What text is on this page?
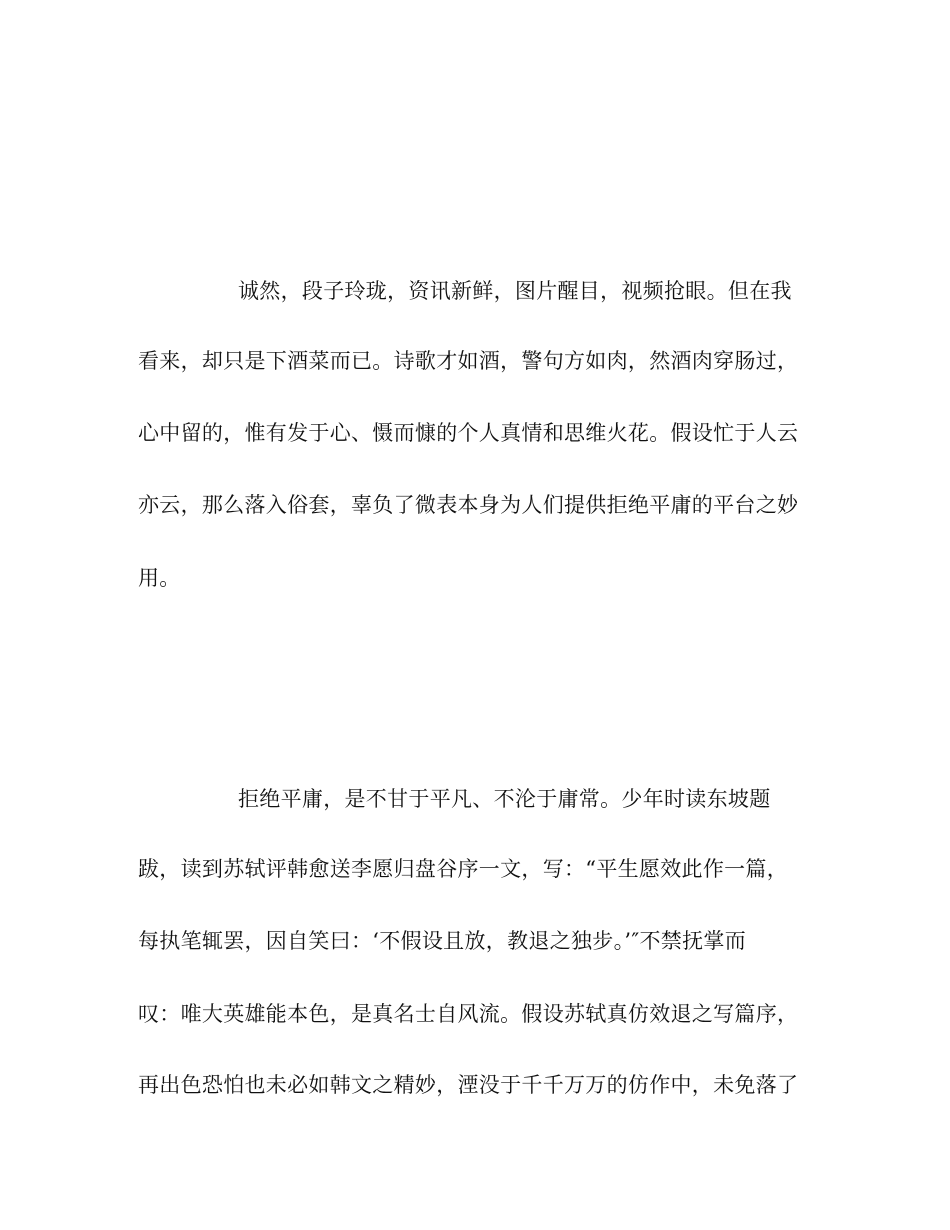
诚然，段子玲珑，资讯新鲜，图片醒目，视频抢眼。但在我
看来，却只是下酒菜而已。诗歌才如酒，警句方如肉，然酒肉穿肠过，
心中留的，惟有发于心、慑而慷的个人真情和思维火花。假设忙于人云
亦云，那么落入俗套，辜负了微表本身为人们提供拒绝平庸的平台之妙
用。
拒绝平庸，是不甘于平凡、不沦于庸常。少年时读东坡题
跋，读到苏轼评韩愈送李愿归盘谷序一文，写：“平生愿效此作一篇，
每执笔辄罢，因自笑曰：‘不假设且放，教退之独步。’″不禁抚掌而
叹：唯大英雄能本色，是真名士自风流。假设苏轼真仿效退之写篇序，
再出色恐怕也未必如韩文之精妙，湮没于千千万万的仿作中，未免落了
